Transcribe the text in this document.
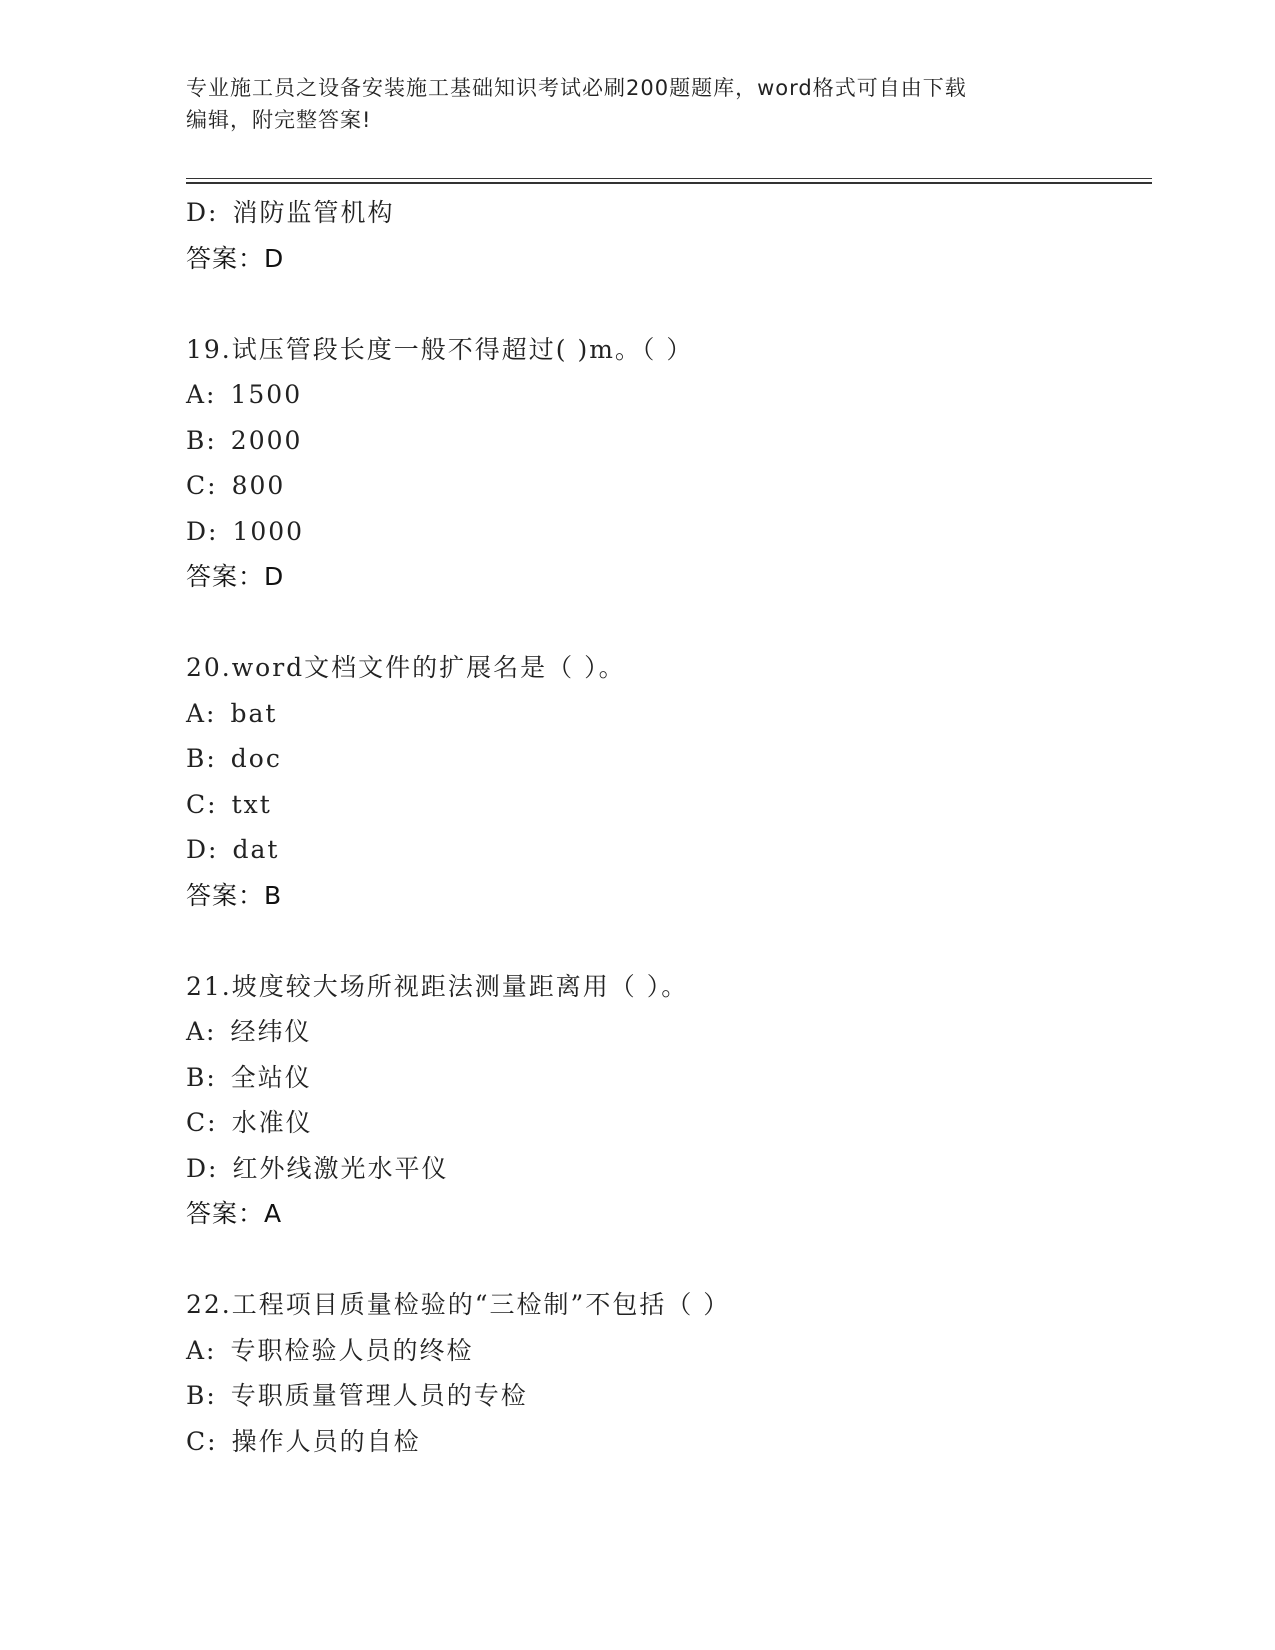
专业施工员之设备安装施工基础知识考试必刷200题题库，word格式可自由下载
编辑，附完整答案!
D: 消防监管机构
答案：D
19.试压管段长度一般不得超过( )m。（ ）
A: 1500
B: 2000
C: 800
D: 1000
答案：D
20.word文档文件的扩展名是（ ）。
A: bat
B: doc
C: txt
D: dat
答案：B
21.坡度较大场所视距法测量距离用（ ）。
A: 经纬仪
B: 全站仪
C: 水准仪
D: 红外线激光水平仪
答案：A
22.工程项目质量检验的“三检制”不包括（ ）
A: 专职检验人员的终检
B: 专职质量管理人员的专检
C: 操作人员的自检
